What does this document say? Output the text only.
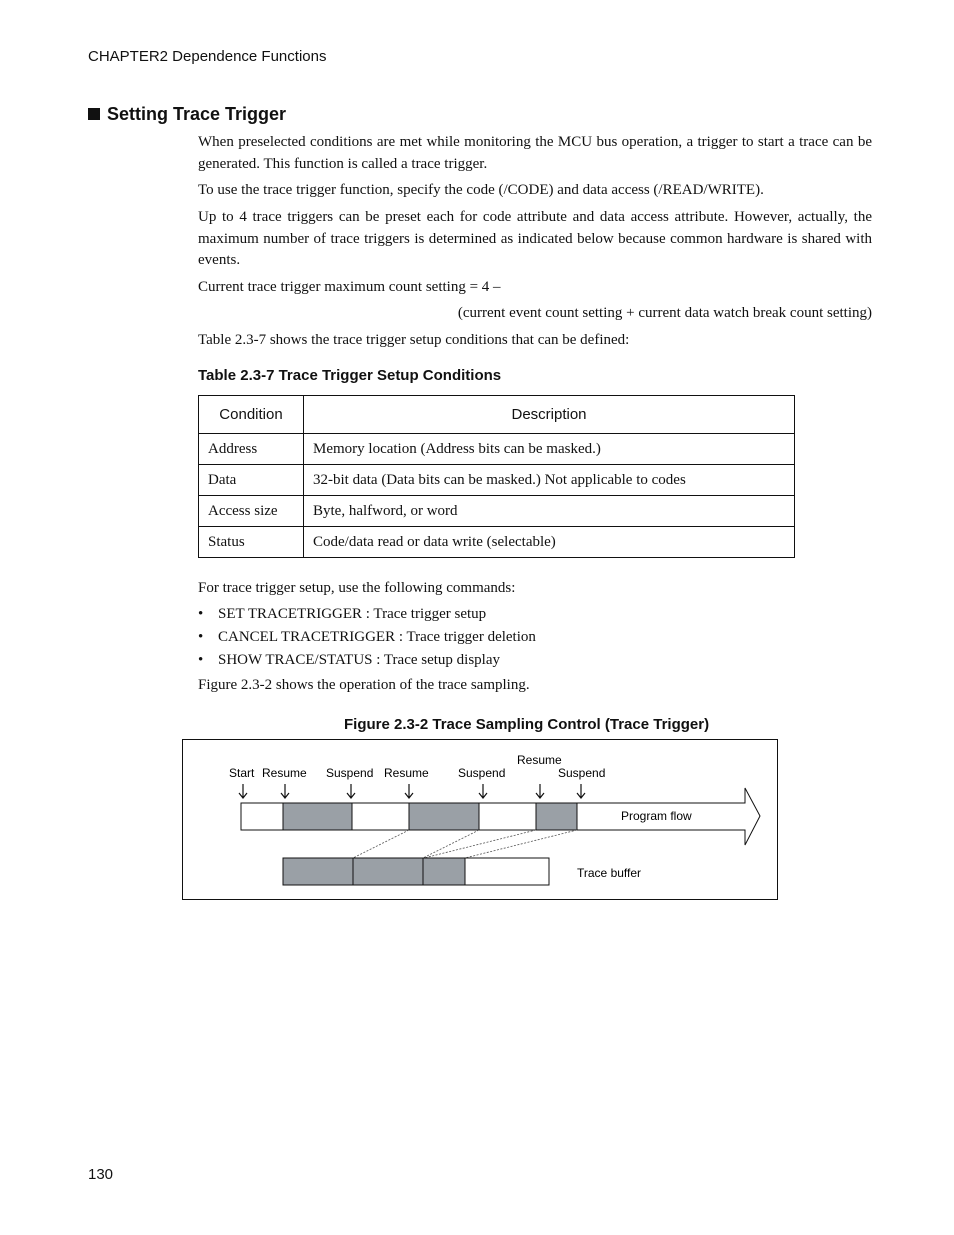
CHAPTER2 Dependence Functions
Setting Trace Trigger

When preselected conditions are met while monitoring the MCU bus operation, a trigger to start a trace can be generated. This function is called a trace trigger.

To use the trace trigger function, specify the code (/CODE) and data access (/READ/WRITE).

Up to 4 trace triggers can be preset each for code attribute and data access attribute. However, actually, the maximum number of trace triggers is determined as indicated below because common hardware is shared with events.

Current trace trigger maximum count setting = 4 –

(current event count setting + current data watch break count setting)

Table 2.3-7 shows the trace trigger setup conditions that can be defined:

Table 2.3-7 Trace Trigger Setup Conditions
Condition	Description
Address	Memory location (Address bits can be masked.)
Data	32-bit data (Data bits can be masked.) Not applicable to codes
Access size	Byte, halfword, or word
Status	Code/data read or data write (selectable)

For trace trigger setup, use the following commands:

• SET TRACETRIGGER : Trace trigger setup
• CANCEL TRACETRIGGER : Trace trigger deletion
• SHOW TRACE/STATUS : Trace setup display

Figure 2.3-2 shows the operation of the trace sampling.

Figure 2.3-2 Trace Sampling Control (Trace Trigger)
Start Resume Suspend Resume Suspend
Resume
Suspend
Program flow
Trace buffer
130
